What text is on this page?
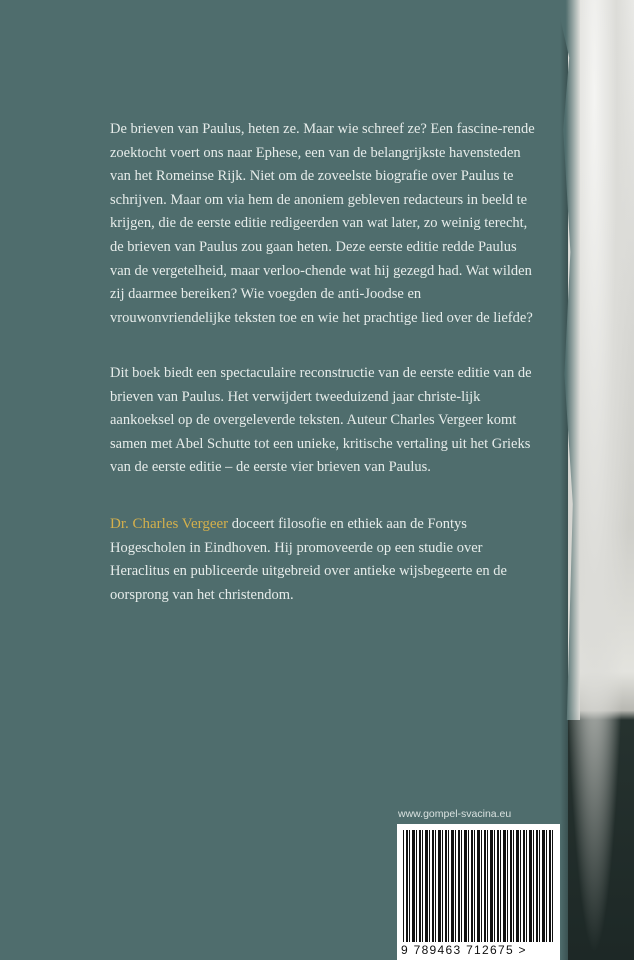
De brieven van Paulus, heten ze. Maar wie schreef ze? Een fascine-rende zoektocht voert ons naar Ephese, een van de belangrijkste havensteden van het Romeinse Rijk. Niet om de zoveelste biografie over Paulus te schrijven. Maar om via hem de anoniem gebleven redacteurs in beeld te krijgen, die de eerste editie redigeerden van wat later, zo weinig terecht, de brieven van Paulus zou gaan heten. Deze eerste editie redde Paulus van de vergetelheid, maar verloo-chende wat hij gezegd had. Wat wilden zij daarmee bereiken? Wie voegden de anti-Joodse en vrouwonvriendelijke teksten toe en wie het prachtige lied over de liefde?

Dit boek biedt een spectaculaire reconstructie van de eerste editie van de brieven van Paulus. Het verwijdert tweeduizend jaar christe-lijk aankoeksel op de overgeleverde teksten. Auteur Charles Vergeer komt samen met Abel Schutte tot een unieke, kritische vertaling uit het Grieks van de eerste editie – de eerste vier brieven van Paulus.

Dr. Charles Vergeer doceert filosofie en ethiek aan de Fontys Hogescholen in Eindhoven. Hij promoveerde op een studie over Heraclitus en publiceerde uitgebreid over antieke wijsbegeerte en de oorsprong van het christendom.

www.gompel-svacina.eu
9 789463 712675 >
